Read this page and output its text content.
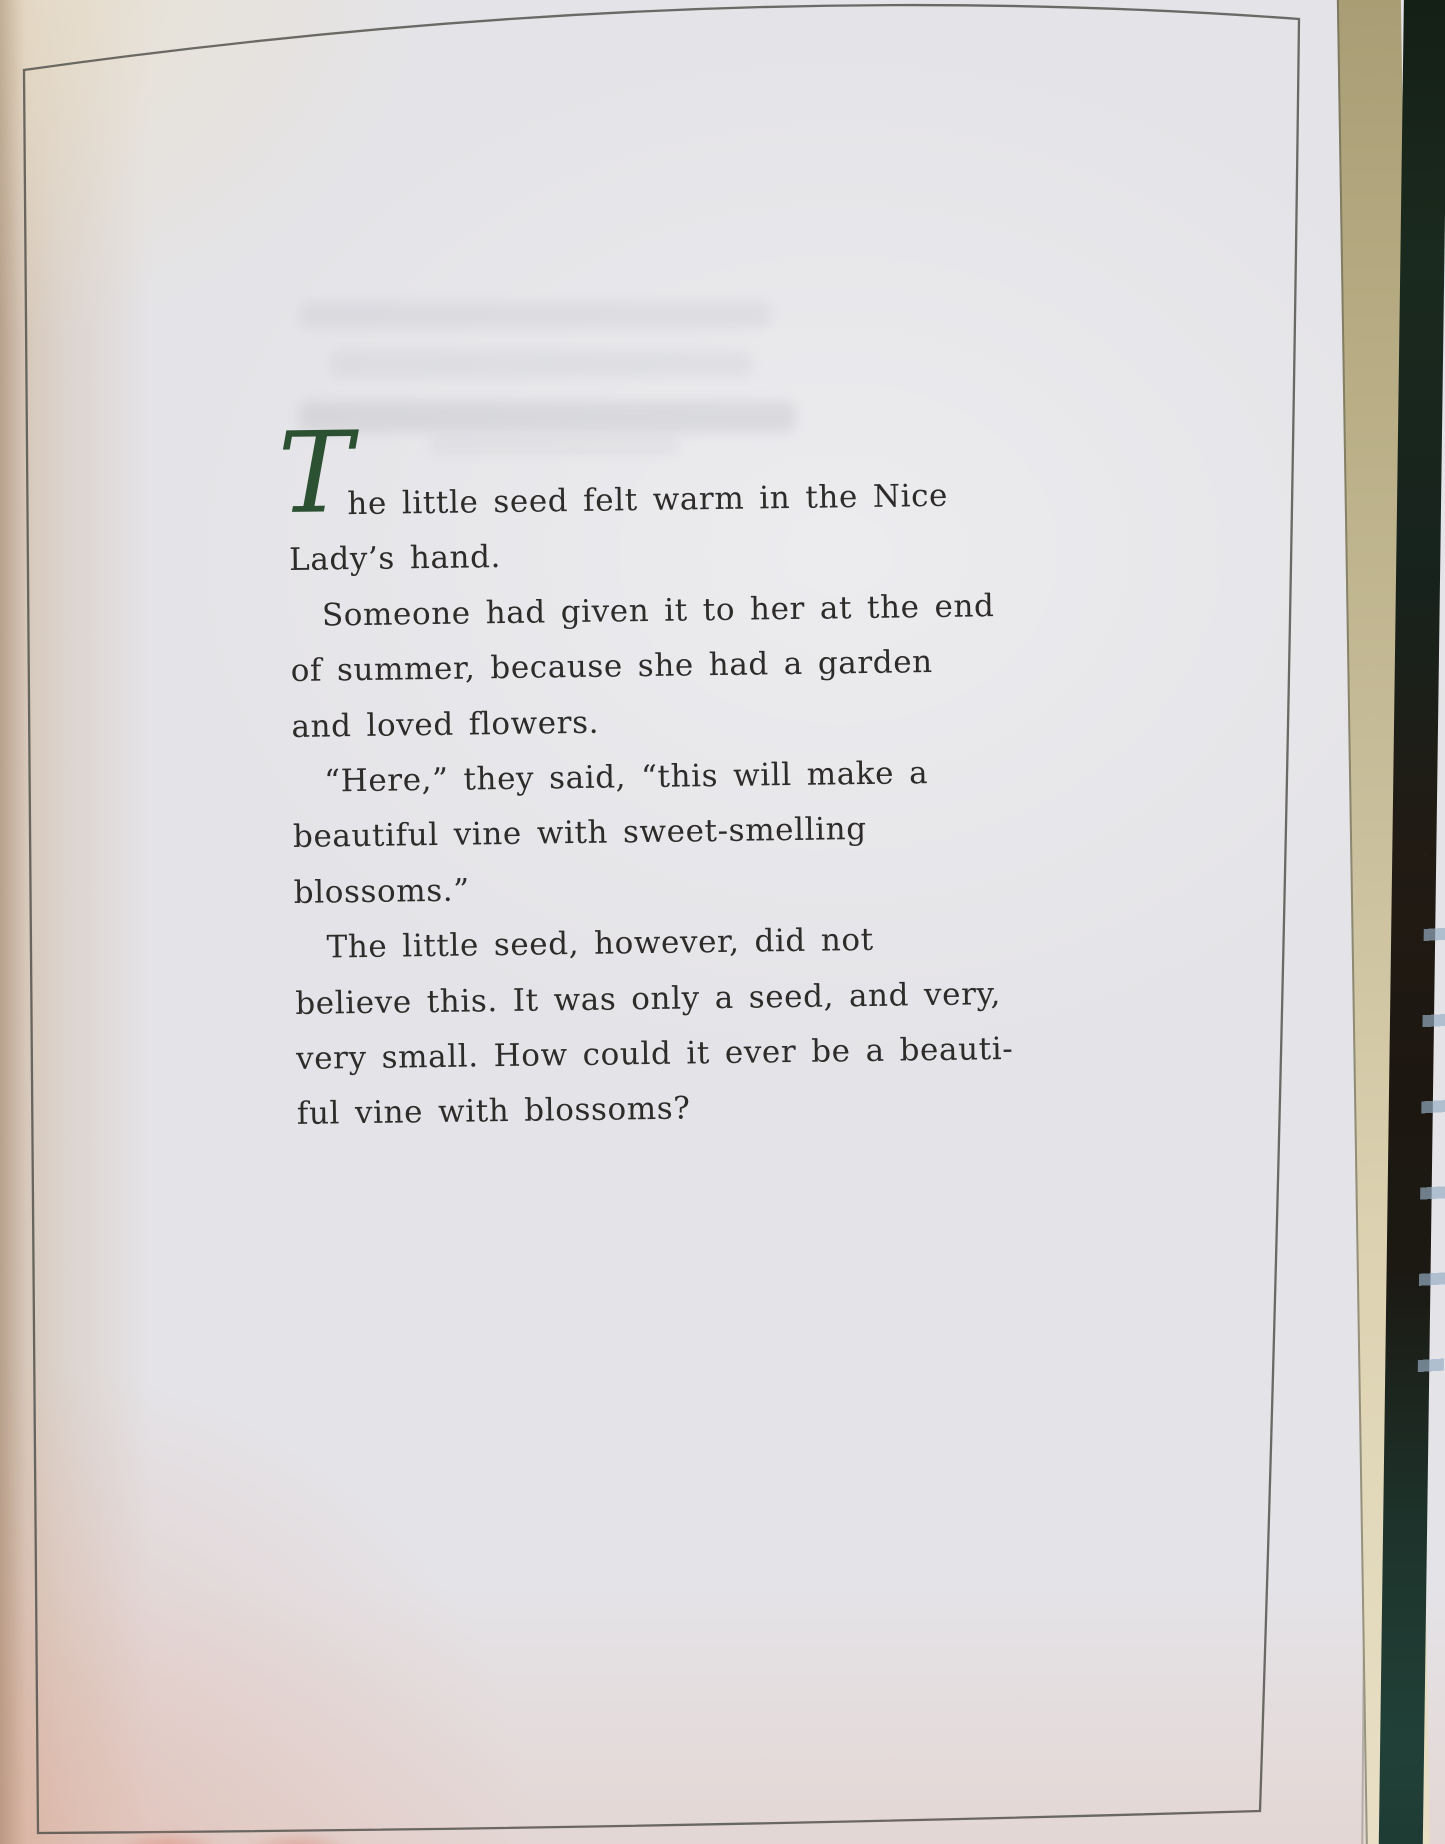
T
he little seed felt warm in the Nice
Lady’s hand.
Someone had given it to her at the end
of summer, because she had a garden
and loved flowers.
“Here,” they said, “this will make a
beautiful vine with sweet-smelling
blossoms.”
The little seed, however, did not
believe this. It was only a seed, and very,
very small. How could it ever be a beauti-
ful vine with blossoms?
